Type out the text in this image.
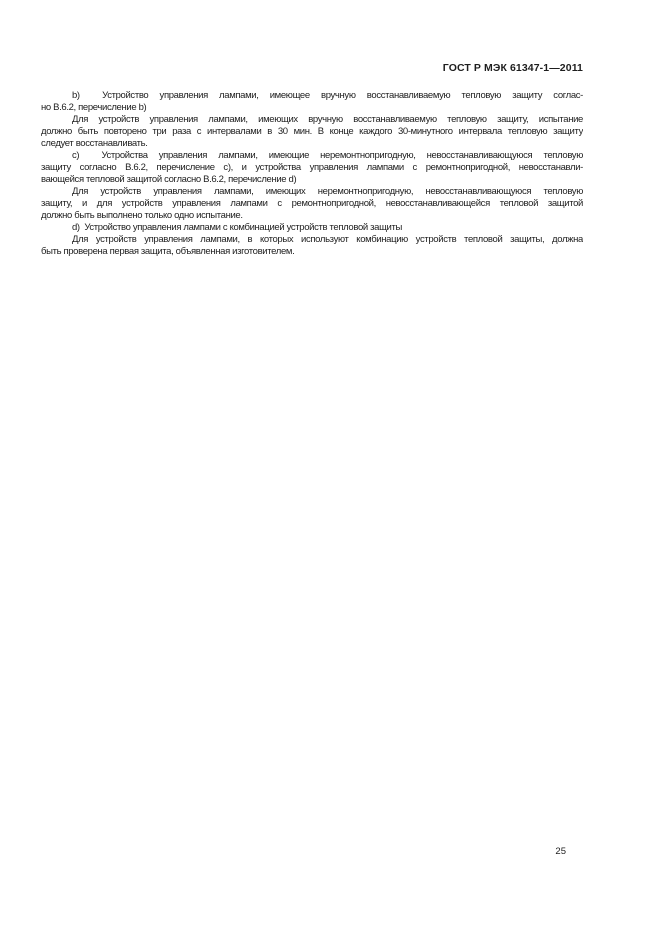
ГОСТ Р МЭК 61347-1—2011
b)  Устройство управления лампами, имеющее вручную восстанавливаемую тепловую защиту соглас-
но В.6.2, перечисление b)
Для устройств управления лампами, имеющих вручную восстанавливаемую тепловую защиту, испытание
должно быть повторено три раза с интервалами в 30 мин. В конце каждого 30-минутного интервала тепловую защиту
следует восстанавливать.
c)  Устройства управления лампами, имеющие неремонтнопригодную, невосстанавливающуюся тепловую
защиту согласно В.6.2, перечисление c), и устройства управления лампами с ремонтнопригодной, невосстанавли-
вающейся тепловой защитой согласно В.6.2, перечисление d)
Для устройств управления лампами, имеющих неремонтнопригодную, невосстанавливающуюся тепловую
защиту, и для устройств управления лампами с ремонтнопригодной, невосстанавливающейся тепловой защитой
должно быть выполнено только одно испытание.
d)  Устройство управления лампами с комбинацией устройств тепловой защиты
Для устройств управления лампами, в которых используют комбинацию устройств тепловой защиты, должна
быть проверена первая защита, объявленная изготовителем.
25
